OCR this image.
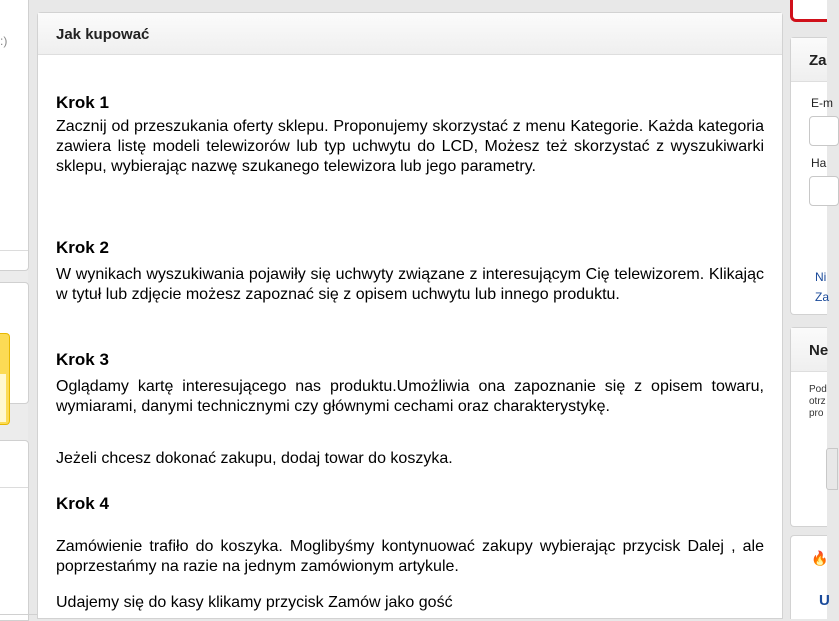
:)	Jak kupować
Krok 1
Zacznij od przeszukania oferty sklepu. Proponujemy skorzystać z menu Kategorie. Każda kategoria zawiera listę modeli telewizorów lub typ uchwytu do LCD, Możesz też skorzystać z wyszukiwarki sklepu, wybierając nazwę szukanego telewizora lub jego parametry.
Krok 2
W wynikach wyszukiwania pojawiły się uchwyty związane z interesującym Cię telewizorem. Klikając w tytuł lub zdjęcie możesz zapoznać się z opisem uchwytu lub innego produktu.
Krok 3
Oglądamy kartę interesującego nas produktu.Umożliwia ona zapoznanie się z opisem towaru, wymiarami, danymi technicznymi czy głównymi cechami oraz charakterystykę.
Jeżeli chcesz dokonać zakupu, dodaj towar do koszyka.
Krok 4
Zamówienie trafiło do koszyka. Moglibyśmy kontynuować zakupy wybierając przycisk Dalej , ale poprzestańmy na razie na jednym zamówionym artykule.
Udajemy się do kasy klikamy przycisk Zamów jako gość
Za
E-m
Ha
Ni
Za
Ne
Pod
otrz
pro
🔥
U
